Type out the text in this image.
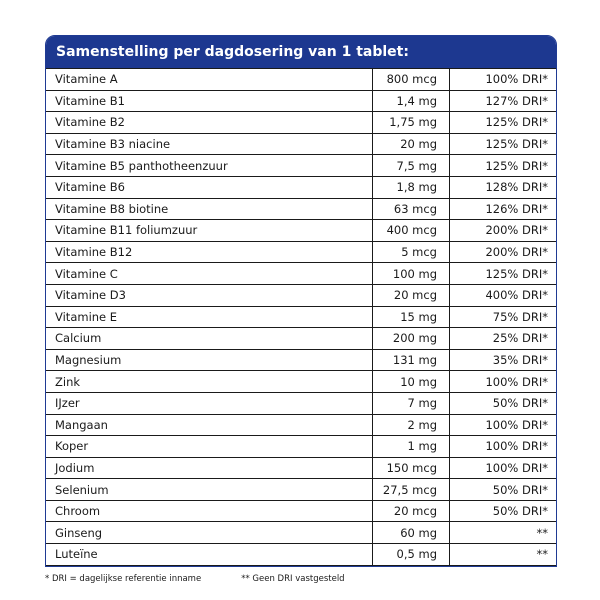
Samenstelling per dagdosering van 1 tablet:
Vitamine A	800 mcg	100% DRI*
Vitamine B1	1,4 mg	127% DRI*
Vitamine B2	1,75 mg	125% DRI*
Vitamine B3 niacine	20 mg	125% DRI*
Vitamine B5 panthotheenzuur	7,5 mg	125% DRI*
Vitamine B6	1,8 mg	128% DRI*
Vitamine B8 biotine	63 mcg	126% DRI*
Vitamine B11 foliumzuur	400 mcg	200% DRI*
Vitamine B12	5 mcg	200% DRI*
Vitamine C	100 mg	125% DRI*
Vitamine D3	20 mcg	400% DRI*
Vitamine E	15 mg	75% DRI*
Calcium	200 mg	25% DRI*
Magnesium	131 mg	35% DRI*
Zink	10 mg	100% DRI*
IJzer	7 mg	50% DRI*
Mangaan	2 mg	100% DRI*
Koper	1 mg	100% DRI*
Jodium	150 mcg	100% DRI*
Selenium	27,5 mcg	50% DRI*
Chroom	20 mcg	50% DRI*
Ginseng	60 mg	**
Luteïne	0,5 mg	**
* DRI = dagelijkse referentie inname	** Geen DRI vastgesteld
